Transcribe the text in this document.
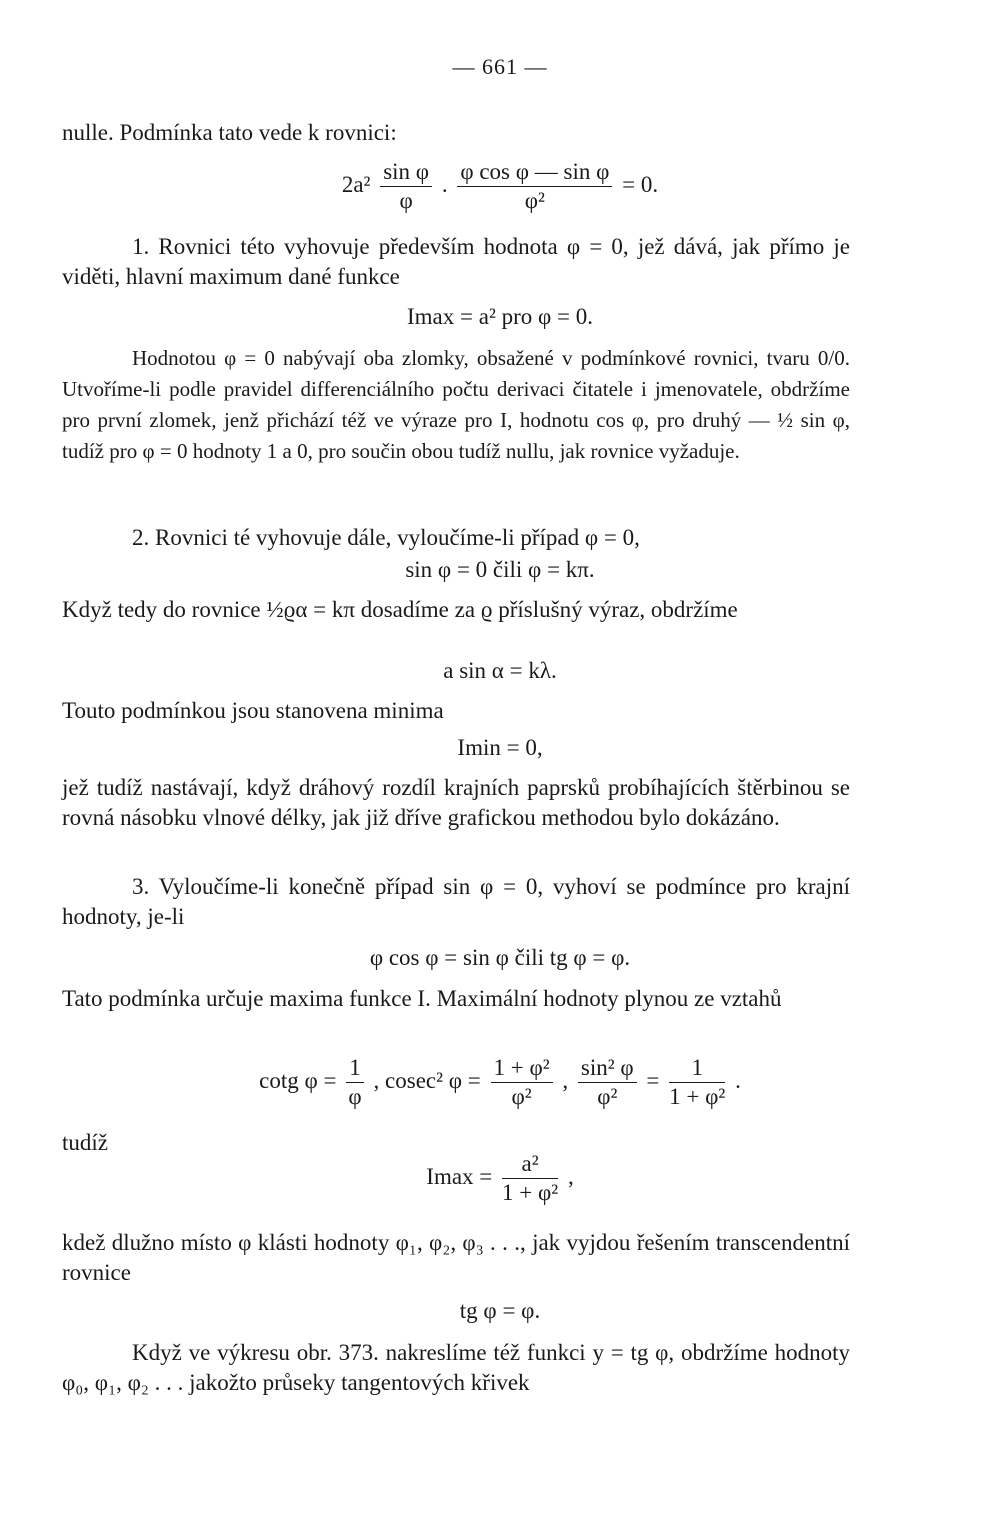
— 661 —

nulle. Podmínka tato vede k rovnici:

$2a^2 \frac{\text{sin φ}}{\varphi}$ . $\frac{\text{φ cos φ — sin φ}}{\text{φ²}} = 0$.

1. Rovnici této vyhovuje především hodnota φ = 0, jež dává, jak přímo je viděti, hlavní maximum dané funkce

Imax = a² pro φ = 0.

Hodnotou φ = 0 nabývají oba zlomky, obsažené v podmínkové rovnici, tvaru 0/0. Utvoříme-li podle pravidel differenciálního počtu derivaci čitatele i jmenovatele, obdržíme pro první zlomek, jenž přichází též ve výraze pro I, hodnotu cos φ, pro druhý — ½ sin φ, tudíž pro φ = 0 hodnoty 1 a 0, pro součin obou tudíž nullu, jak rovnice vyžaduje.

2. Rovnici té vyhovuje dále, vyloučíme-li případ φ = 0,

sin φ = 0 čili φ = kπ.

Když tedy do rovnice ½ϱα = kπ dosadíme za ϱ příslušný výraz, obdržíme

a sin α = kλ.

Touto podmínkou jsou stanovena minima

Imin = 0,

jež tudíž nastávají, když dráhový rozdíl krajních paprsků probíhajících štěrbinou se rovná násobku vlnové délky, jak již dříve grafickou methodou bylo dokázáno.

3. Vyloučíme-li konečně případ sin φ = 0, vyhoví se podmínce pro krajní hodnoty, je-li

φ cos φ = sin φ čili tg φ = φ.

Tato podmínka určuje maxima funkce I. Maximální hodnoty plynou ze vztahů

cotg $\varphi = \frac{1}{\varphi}$ , cosec² $\varphi = \frac{\text{1 + φ²}}{\text{φ²}}$ , $\frac{\text{sin² φ}}{\text{φ²}} = \frac{1}{\text{1 + φ²}}$ .

tudíž

$Imax = \frac{\text{a²}}{\text{1 + φ²}}$ ,

kdež dlužno místo φ klásti hodnoty φ₁, φ₂, φ₃ . . ., jak vyjdou řešením transcendentní rovnice

tg φ = φ.

Když ve výkresu obr. 373. nakreslíme též funkci y = tg φ, obdržíme hodnoty φ₀, φ₁, φ₂ . . . jakožto průseky tangentových křivek
